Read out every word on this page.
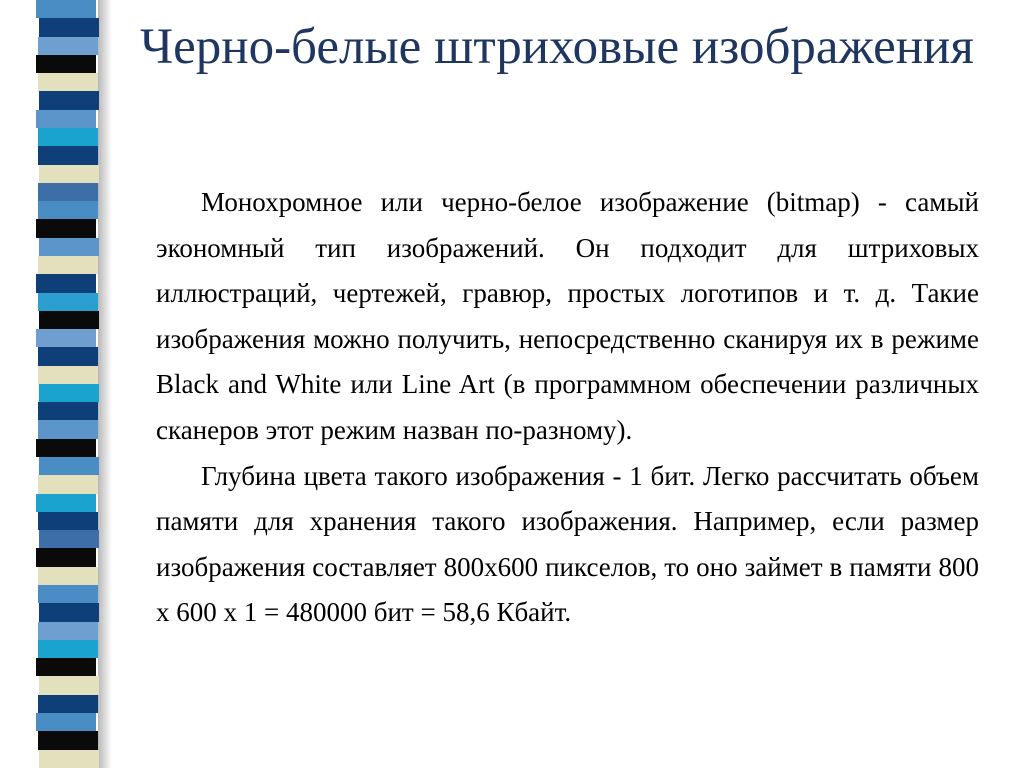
Черно-белые штриховые изображения

Монохромное или черно-белое изображение (bitmap) - самый экономный тип изображений. Он подходит для штриховых иллюстраций, чертежей, гравюр, простых логотипов и т. д. Такие изображения можно получить, непосредственно сканируя их в режиме Black and White или Line Art (в программном обеспечении различных сканеров этот режим назван по-разному).

Глубина цвета такого изображения - 1 бит. Легко рассчитать объем памяти для хранения такого изображения. Например, если размер изображения составляет 800x600 пикселов, то оно займет в памяти 800 x 600 x 1 = 480000 бит = 58,6 Кбайт.
